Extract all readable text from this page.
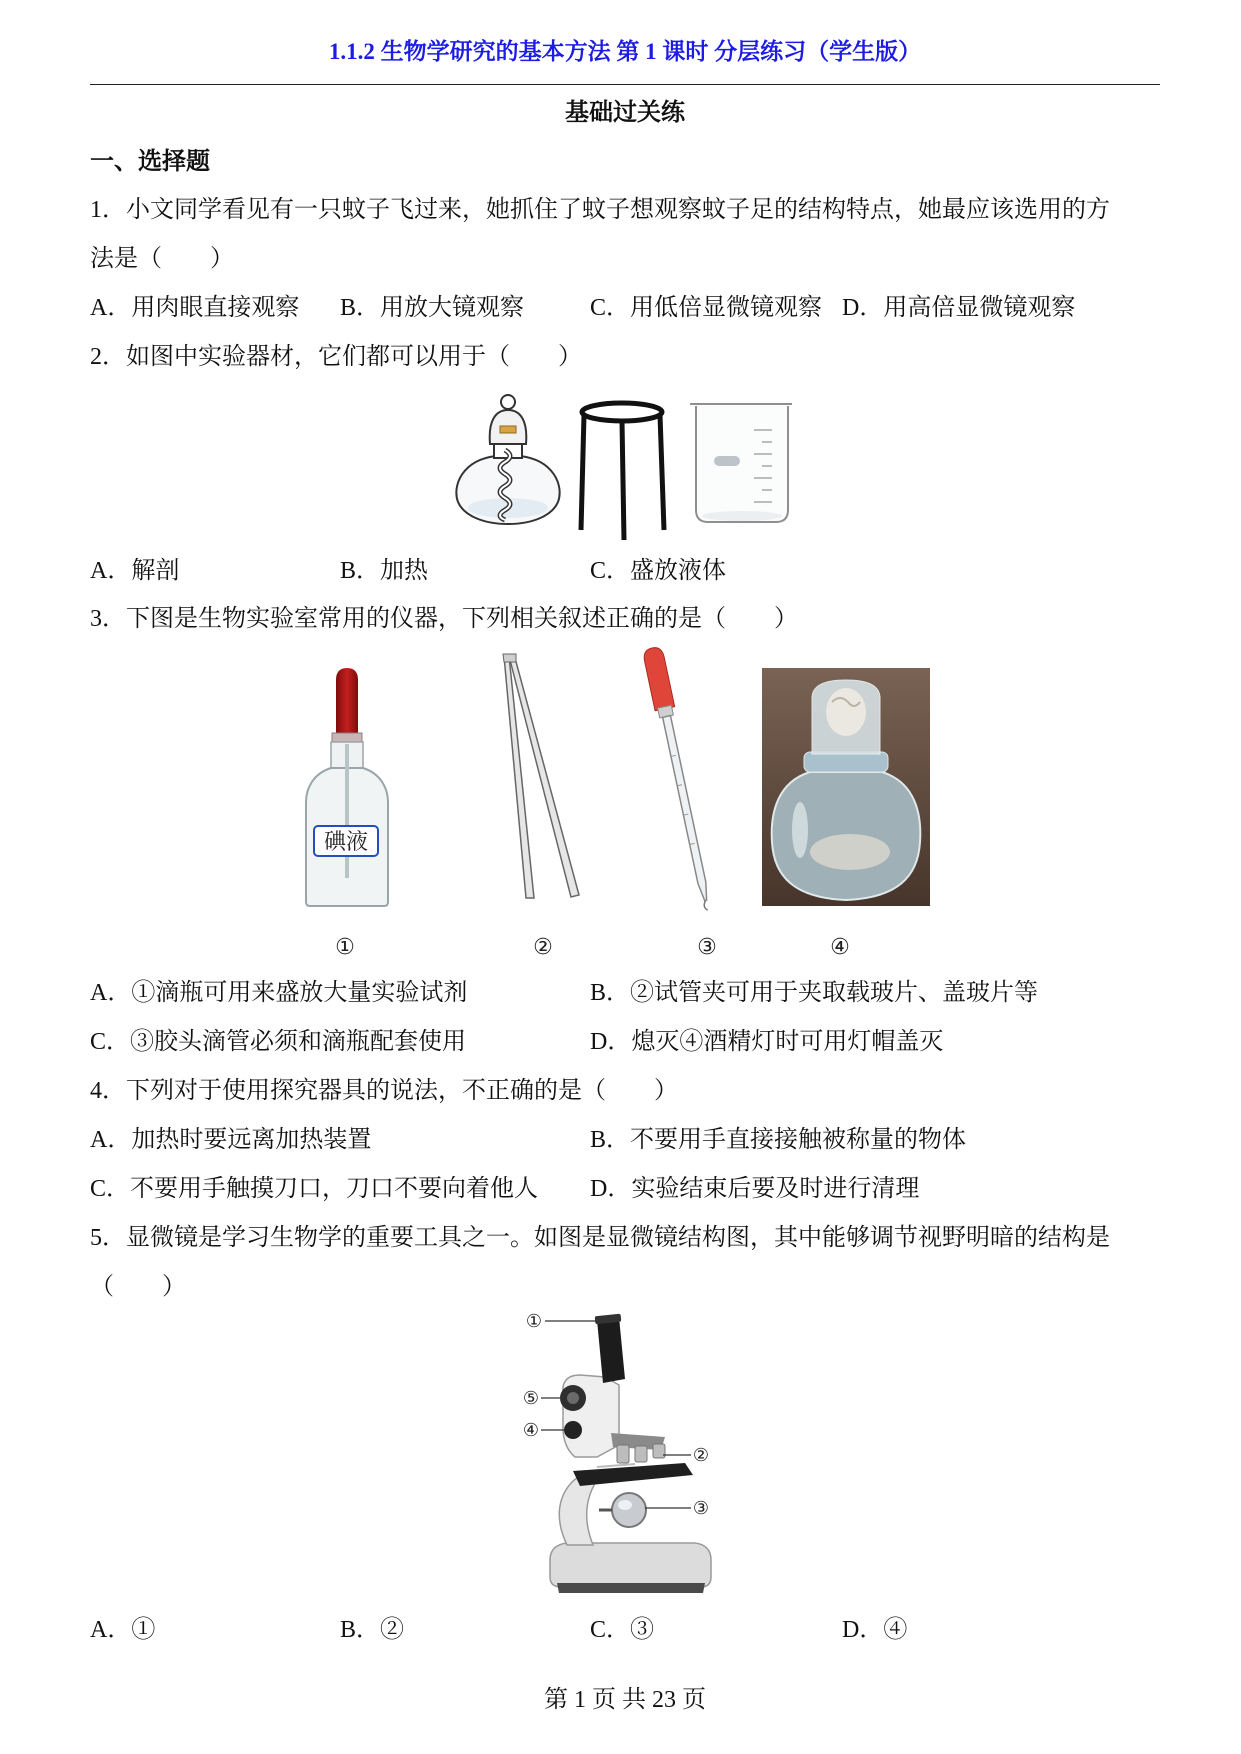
1.1.2 生物学研究的基本方法 第 1 课时 分层练习（学生版）
基础过关练
一、选择题
1．小文同学看见有一只蚊子飞过来，她抓住了蚊子想观察蚊子足的结构特点，她最应该选用的方
法是（　　）
A．用肉眼直接观察 B．用放大镜观察	C．用低倍显微镜观察 D．用高倍显微镜观察
2．如图中实验器材，它们都可以用于（　　）
A．解剖	B．加热	C．盛放液体
3．下图是生物实验室常用的仪器，下列相关叙述正确的是（　　）
碘液
①	②	③	④
A．①滴瓶可用来盛放大量实验试剂	B．②试管夹可用于夹取载玻片、盖玻片等
C．③胶头滴管必须和滴瓶配套使用	D．熄灭④酒精灯时可用灯帽盖灭
4．下列对于使用探究器具的说法，不正确的是（　　）
A．加热时要远离加热装置	B．不要用手直接接触被称量的物体
C．不要用手触摸刀口，刀口不要向着他人 D．实验结束后要及时进行清理
5．显微镜是学习生物学的重要工具之一。如图是显微镜结构图，其中能够调节视野明暗的结构是
（　　）
①
②
③
④
⑤
A．①	B．②	C．③	D．④
第 1 页 共 23 页
